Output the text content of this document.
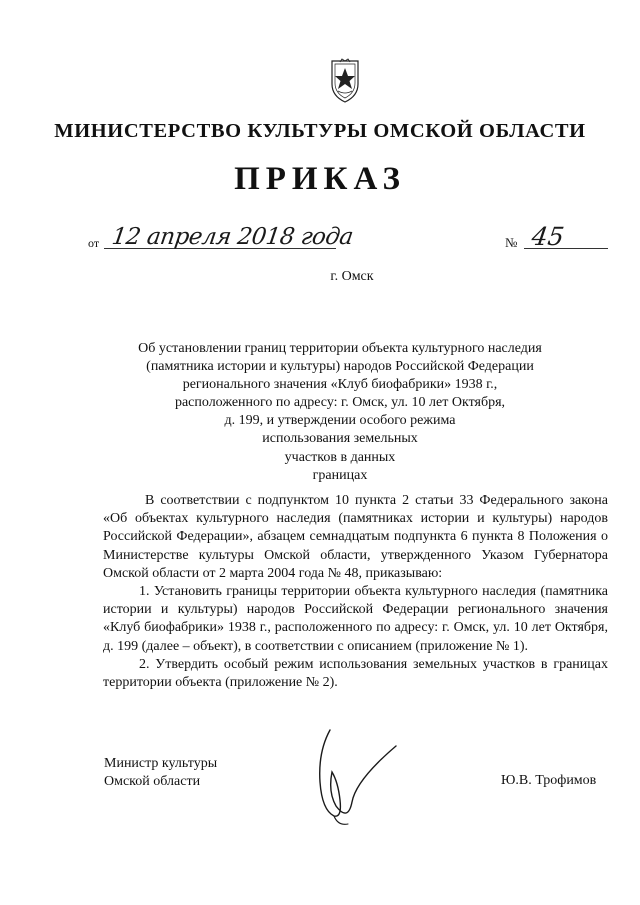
МИНИСТЕРСТВО КУЛЬТУРЫ ОМСКОЙ ОБЛАСТИ
ПРИКАЗ
от 12 апреля 2018 года	№ 45
г. Омск
Об установлении границ территории объекта культурного наследия
(памятника истории и культуры) народов Российской Федерации
регионального значения «Клуб биофабрики» 1938 г.,
расположенного по адресу: г. Омск, ул. 10 лет Октября,
д. 199, и утверждении особого режима
использования земельных
участков в данных
границах

В соответствии с подпунктом 10 пункта 2 статьи 33 Федерального закона «Об объектах культурного наследия (памятниках истории и культуры) народов Российской Федерации», абзацем семнадцатым подпункта 6 пункта 8 Положения о Министерстве культуры Омской области, утвержденного Указом Губернатора Омской области от 2 марта 2004 года № 48, приказываю:

1. Установить границы территории объекта культурного наследия (памятника истории и культуры) народов Российской Федерации регионального значения «Клуб биофабрики» 1938 г., расположенного по адресу: г. Омск, ул. 10 лет Октября, д. 199 (далее – объект), в соответствии с описанием (приложение № 1).

2. Утвердить особый режим использования земельных участков в границах территории объекта (приложение № 2).

Министр культуры
Омской области	Ю.В. Трофимов
